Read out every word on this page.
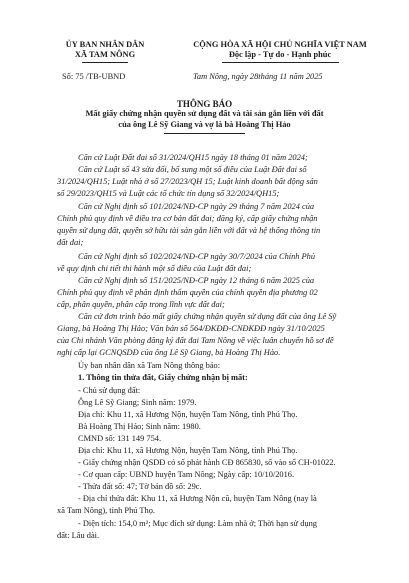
ỦY BAN NHÂN DÂN
XÃ TAM NÔNG
CỘNG HÒA XÃ HỘI CHỦ NGHĨA VIỆT NAM
Độc lập - Tự do - Hạnh phúc
Số: 75 /TB-UBND	Tam Nông, ngày 28tháng 11 năm 2025
THÔNG BÁO
Mất giấy chứng nhận quyền sử dụng đất và tài sản gắn liền với đất
của ông Lê Sỹ Giang và vợ là bà Hoàng Thị Hảo
Căn cứ Luật Đất đai số 31/2024/QH15 ngày 18 tháng 01 năm 2024;
Căn cứ Luật số 43 sửa đổi, bổ sung một số điều của Luật Đất đai số
31/2024/QH15; Luật nhà ở số 27/2023/QH 15; Luật kinh doanh bất động sản
số 29/2023/QH15 và Luật các tổ chức tín dụng số 32/2024/QH15;
Căn cứ Nghị định số 101/2024/NĐ-CP ngày 29 tháng 7 năm 2024 của
Chính phủ quy định về điều tra cơ bản đất đai; đăng ký, cấp giấy chứng nhận
quyền sử dụng đất, quyền sở hữu tài sản gắn liền với đất và hệ thống thông tin
đất đai;
Căn cứ Nghị định số 102/2024/NĐ-CP ngày 30/7/2024 của Chính Phủ
về quy định chi tiết thi hành một số điều của Luật đất đai;
Căn cứ Nghị định số 151/2025/NĐ-CP ngày 12 tháng 6 năm 2025 của
Chính phủ quy định về phân định thẩm quyền của chính quyền địa phương 02
cấp, phân quyền, phân cấp trong lĩnh vực đất đai;
Căn cứ đơn trình báo mất giấy chứng nhận quyền sử dụng đất của ông Lê Sỹ
Giang, bà Hoàng Thị Hảo; Văn bản số 564/ĐKĐĐ-CNĐKĐĐ ngày 31/10/2025
của Chi nhánh Văn phòng đăng ký đất đai Tam Nông về việc luân chuyển hồ sơ đề
nghị cấp lại GCNQSDĐ của ông Lê Sỹ Giang, bà Hoàng Thị Hảo.
Ủy ban nhân dân xã Tam Nông thông báo:
1. Thông tin thửa đất, Giấy chứng nhận bị mất:
- Chủ sử dụng đất:
Ông Lê Sỹ Giang; Sinh năm: 1979.
Địa chỉ: Khu 11, xã Hương Nộn, huyện Tam Nông, tỉnh Phú Thọ.
Bà Hoàng Thị Hảo; Sinh năm: 1980.
CMND số: 131 149 754.
Địa chỉ: Khu 11, xã Hương Nộn, huyện Tam Nông, tỉnh Phú Thọ.
- Giấy chứng nhận QSDĐ có số phát hành CĐ 865830, số vào sổ CH-01022.
- Cơ quan cấp: UBND huyện Tam Nông; Ngày cấp: 10/10/2016.
- Thửa đất số: 47; Tờ bản đồ số: 29c.
- Địa chỉ thửa đất: Khu 11, xã Hương Nộn cũ, huyện Tam Nông (nay là
xã Tam Nông), tỉnh Phú Thọ.
- Diện tích: 154,0 m²; Mục đích sử dụng: Làm nhà ở; Thời hạn sử dụng
đất: Lâu dài.
